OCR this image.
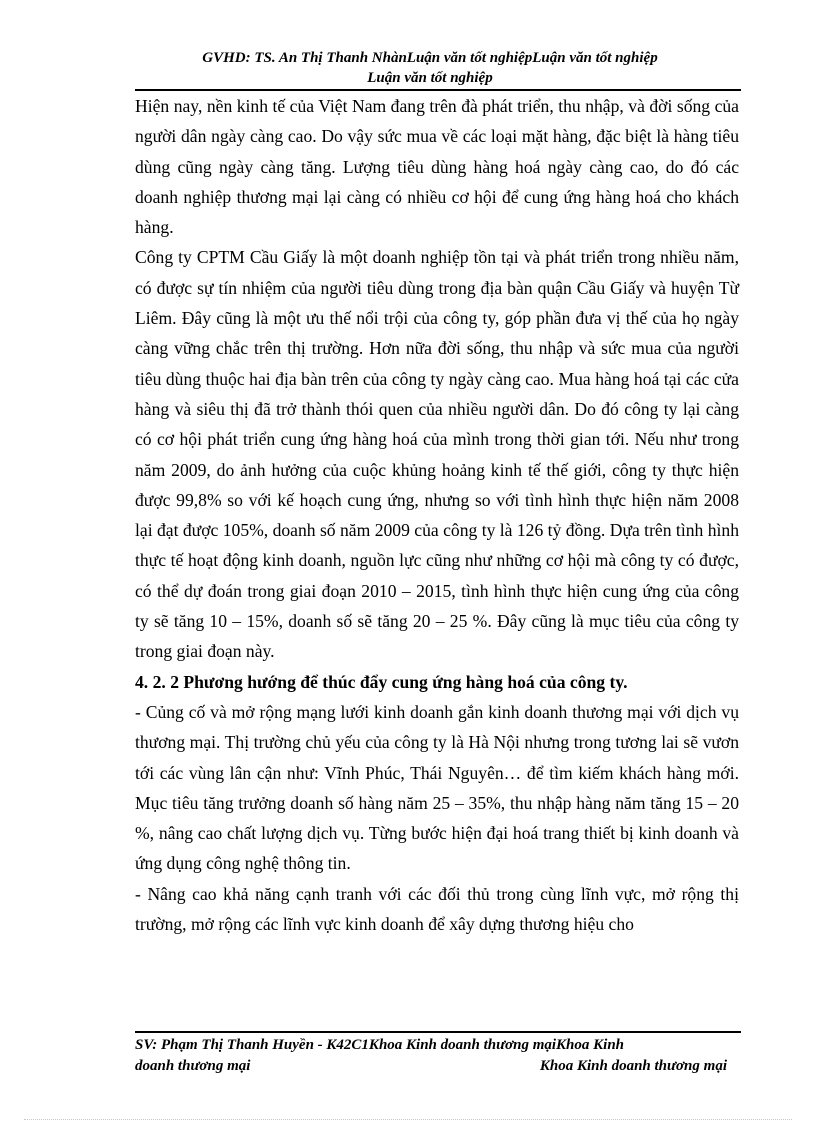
GVHD: TS. An Thị Thanh NhànLuận văn tốt nghiệpLuận văn tốt nghiệp
Luận văn tốt nghiệp

Hiện nay, nền kinh tế của Việt Nam đang trên đà phát triển, thu nhập, và đời sống của người dân ngày càng cao. Do vậy sức mua về các loại mặt hàng, đặc biệt là hàng tiêu dùng cũng ngày càng tăng. Lượng tiêu dùng hàng hoá ngày càng cao, do đó các doanh nghiệp thương mại lại càng có nhiều cơ hội để cung ứng hàng hoá cho khách hàng.

Công ty CPTM Cầu Giấy là một doanh nghiệp tồn tại và phát triển trong nhiều năm, có được sự tín nhiệm của người tiêu dùng trong địa bàn quận Cầu Giấy và huyện Từ Liêm. Đây cũng là một ưu thế nổi trội của công ty, góp phần đưa vị thế của họ ngày càng vững chắc trên thị trường. Hơn nữa đời sống, thu nhập và sức mua của người tiêu dùng thuộc hai địa bàn trên của công ty ngày càng cao. Mua hàng hoá tại các cửa hàng và siêu thị đã trở thành thói quen của nhiều người dân. Do đó công ty lại càng có cơ hội phát triển cung ứng hàng hoá của mình trong thời gian tới. Nếu như trong năm 2009, do ảnh hưởng của cuộc khủng hoảng kinh tế thế giới, công ty thực hiện được 99,8% so với kế hoạch cung ứng, nhưng so với tình hình thực hiện năm 2008 lại đạt được 105%, doanh số năm 2009 của công ty là 126 tỷ đồng. Dựa trên tình hình thực tế hoạt động kinh doanh, nguồn lực cũng như những cơ hội mà công ty có được, có thể dự đoán trong giai đoạn 2010 – 2015, tình hình thực hiện cung ứng của công ty sẽ tăng 10 – 15%, doanh số sẽ tăng 20 – 25 %. Đây cũng là mục tiêu của công ty trong giai đoạn này.

4. 2. 2 Phương hướng để thúc đẩy cung ứng hàng hoá của công ty.

- Củng cố và mở rộng mạng lưới kinh doanh gắn kinh doanh thương mại với dịch vụ thương mại. Thị trường chủ yếu của công ty là Hà Nội nhưng trong tương lai sẽ vươn tới các vùng lân cận như: Vĩnh Phúc, Thái Nguyên… để tìm kiếm khách hàng mới. Mục tiêu tăng trưởng doanh số hàng năm 25 – 35%, thu nhập hàng năm tăng 15 – 20 %, nâng cao chất lượng dịch vụ. Từng bước hiện đại hoá trang thiết bị kinh doanh và ứng dụng công nghệ thông tin.

- Nâng cao khả năng cạnh tranh với các đối thủ trong cùng lĩnh vực, mở rộng thị trường, mở rộng các lĩnh vực kinh doanh để xây dựng thương hiệu cho

SV: Phạm Thị Thanh Huyền - K42C1Khoa Kinh doanh thương mạiKhoa Kinh
doanh thương mại	Khoa Kinh doanh thương mại
